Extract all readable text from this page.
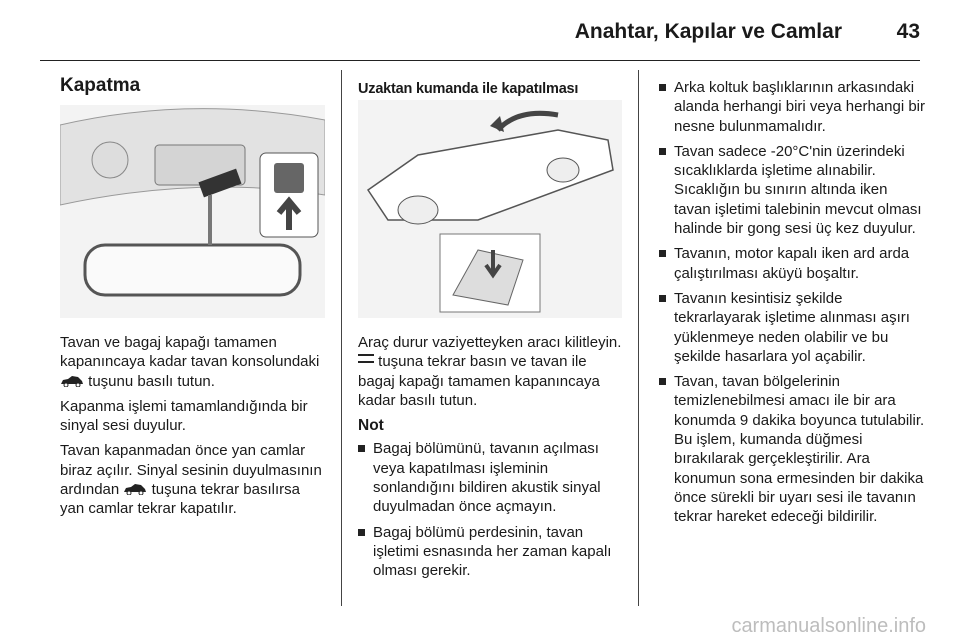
Anahtar, Kapılar ve Camlar	43
Kapatma

Tavan ve bagaj kapağı tamamen kapanıncaya kadar tavan konsolundaki  tuşunu basılı tutun.

Kapanma işlemi tamamlandığında bir sinyal sesi duyulur.

Tavan kapanmadan önce yan camlar biraz açılır. Sinyal sesinin duyulmasının ardından tuşuna tekrar basılırsa yan camlar tekrar kapatılır.

Uzaktan kumanda ile kapatılması

Araç durur vaziyetteyken aracı kilitleyin.  tuşuna tekrar basın ve tavan ile bagaj kapağı tamamen kapanıncaya kadar basılı tutun.

Not
Bagaj bölümünü, tavanın açılması veya kapatılması işleminin sonlandığını bildiren akustik sinyal duyulmadan önce açmayın.
Bagaj bölümü perdesinin, tavan işletimi esnasında her zaman kapalı olması gerekir.
Arka koltuk başlıklarının arkasındaki alanda herhangi biri veya herhangi bir nesne bulunmamalıdır.
Tavan sadece -20°C'nin üzerindeki sıcaklıklarda işletime alınabilir. Sıcaklığın bu sınırın altında iken tavan işletimi talebinin mevcut olması halinde bir gong sesi üç kez duyulur.
Tavanın, motor kapalı iken ard arda çalıştırılması aküyü boşaltır.
Tavanın kesintisiz şekilde tekrarlayarak işletime alınması aşırı yüklenmeye neden olabilir ve bu şekilde hasarlara yol açabilir.
Tavan, tavan bölgelerinin temizlenebilmesi amacı ile bir ara konumda 9 dakika boyunca tutulabilir. Bu işlem, kumanda düğmesi bırakılarak gerçekleştirilir. Ara konumun sona ermesinden bir dakika önce sürekli bir uyarı sesi ile tavanın tekrar hareket edeceği bildirilir.
carmanualsonline.info
